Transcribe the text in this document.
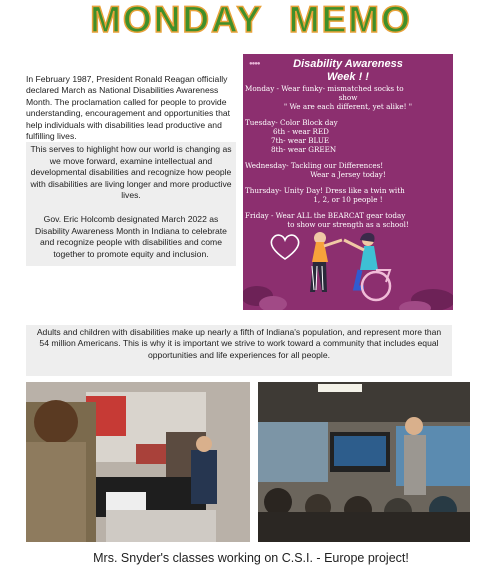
MONDAY MEMO

In February 1987, President Ronald Reagan officially declared March as National Disabilities Awareness Month. The proclamation called for people to provide understanding, encouragement and opportunities that help individuals with disabilities lead productive and fulfilling lives.

This serves to highlight how our world is changing as we move forward, examine intellectual and developmental disabilities and recognize how people with disabilities are living longer and more productive lives.

Gov. Eric Holcomb designated March 2022 as Disability Awareness Month in Indiana to celebrate and recognize people with disabilities and come together to promote equity and inclusion.

●●●●	Disability Awareness
Week ! !
Monday - Wear funky- mismatched socks to
show
" We are each different, yet alike! "
Tuesday- Color Block day
6th - wear RED
7th- wear BLUE
8th- wear GREEN
Wednesday- Tackling our Differences!
Wear a Jersey today!
Thursday- Unity Day! Dress like a twin with
1, 2, or 10 people !
Friday - Wear ALL the BEARCAT gear today
to show our strength as a school!
Adults and children with disabilities make up nearly a fifth of Indiana's population, and represent more than 54 million Americans. This is why it is important we strive to work toward a community that includes equal opportunities and life experiences for all people.
Mrs. Snyder's classes working on C.S.I. - Europe project!
